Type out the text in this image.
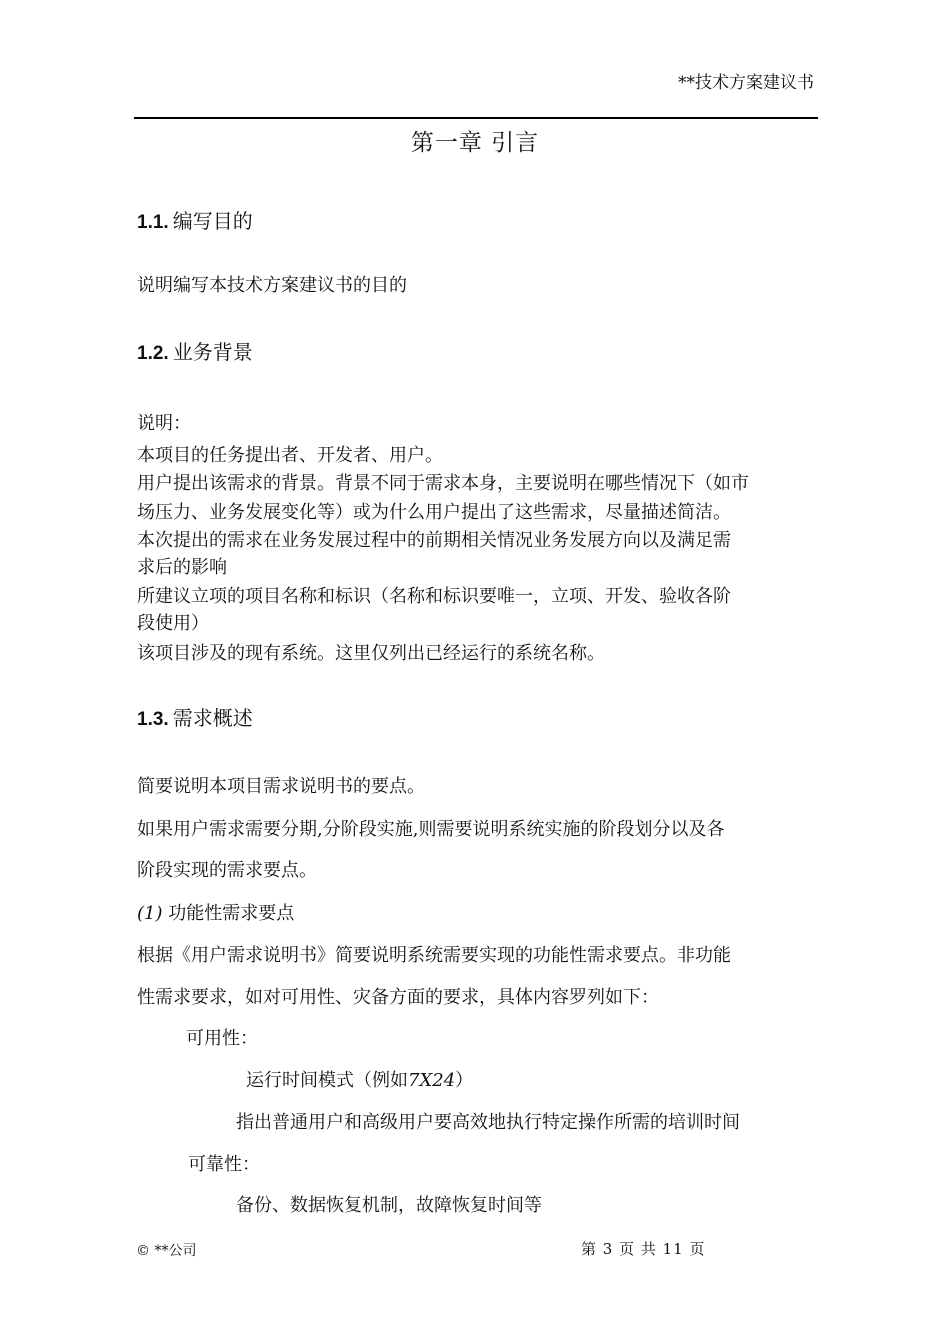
**技术方案建议书
第一章 引言
1.1. 编写目的
说明编写本技术方案建议书的目的
1.2. 业务背景
说明：
本项目的任务提出者、开发者、用户。
用户提出该需求的背景。背景不同于需求本身，主要说明在哪些情况下（如市
场压力、业务发展变化等）或为什么用户提出了这些需求，尽量描述简洁。
本次提出的需求在业务发展过程中的前期相关情况业务发展方向以及满足需
求后的影响
所建议立项的项目名称和标识（名称和标识要唯一，立项、开发、验收各阶
段使用）
该项目涉及的现有系统。这里仅列出已经运行的系统名称。
1.3. 需求概述
简要说明本项目需求说明书的要点。
如果用户需求需要分期,分阶段实施,则需要说明系统实施的阶段划分以及各
阶段实现的需求要点。
(1) 功能性需求要点
根据《用户需求说明书》简要说明系统需要实现的功能性需求要点。非功能
性需求要求，如对可用性、灾备方面的要求，具体内容罗列如下：
可用性：
运行时间模式（例如7X24）
指出普通用户和高级用户要高效地执行特定操作所需的培训时间
可靠性：
备份、数据恢复机制，故障恢复时间等
© **公司	第 3 页 共 11 页
